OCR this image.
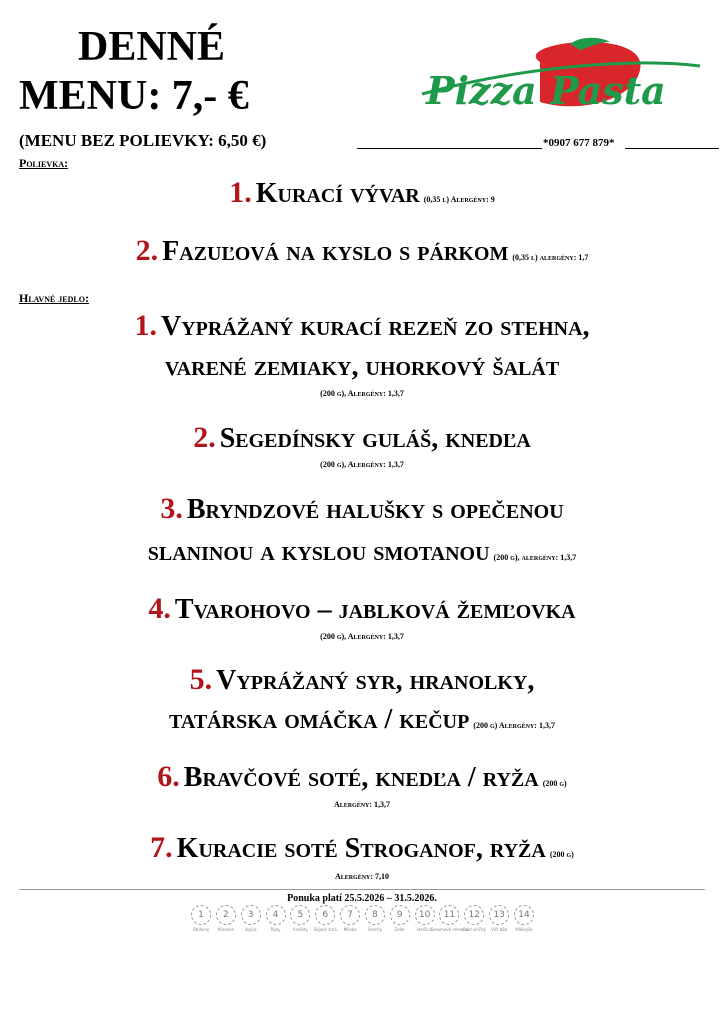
DENNÉ
MENU: 7,- €
(MENU BEZ POLIEVKY: 6,50 €)	*0907 677 879*
Pizza Pasta
Polievka:
1. Kurací vývar (0,35 l) Alergény: 9
2. Fazuľová na kyslo s párkom (0,35 l) alergény: 1,7
Hlavné jedlo:
1. Vyprážaný kurací rezeň zo stehna,
varené zemiaky, uhorkový šalát
(200 g), Alergény: 1,3,7
2. Segedínsky guláš, knedľa
(200 g), Alergény: 1,3,7
3. Bryndzové halušky s opečenou
slaninou a kyslou smotanou (200 g), alergény: 1,3,7
4. Tvarohovo – jablková žemľovka
(200 g), Alergény: 1,3,7
5. Vyprážaný syr, hranolky,
tatárska omáčka / kečup (200 g) Alergény: 1,3,7
6. Bravčové soté, knedľa / ryža (200 g)
Alergény: 1,3,7
7. Kuracie soté Stroganof, ryža (200 g)
Alergény: 7,10
Ponuka platí 25.5.2026 – 31.5.2026.
1
Obilniny
2
Kôrovce
3
Vajcia
4
Ryby
5
Arašidy
6
Sójové zrná
7
Mlieko
8
Orechy
9
Zeler
10
Horčica
11
Sezamové semená
12
Oxid siričitý
13
Vlčí bôb
14
Mäkkýše
